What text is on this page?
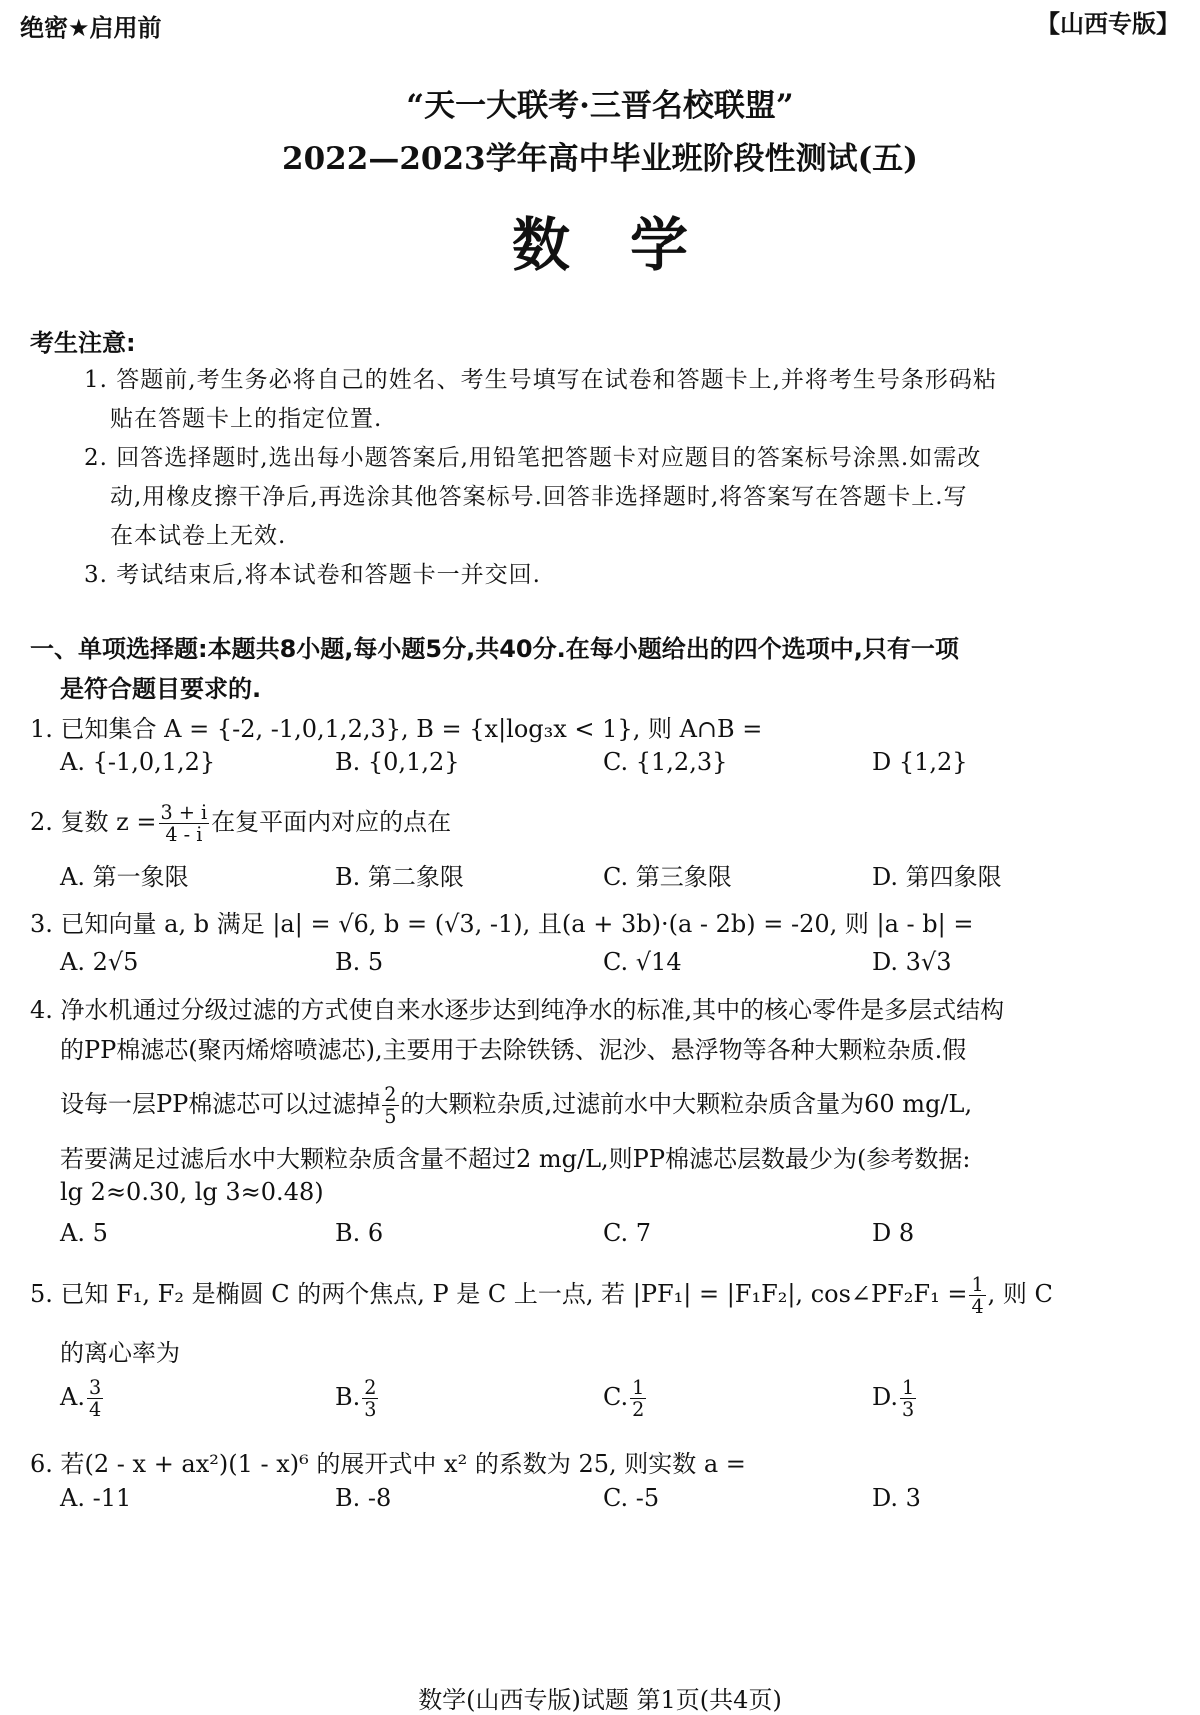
绝密★启用前	【山西专版】
“天一大联考·三晋名校联盟”
2022—2023学年高中毕业班阶段性测试(五)
数学
考生注意:
1. 答题前,考生务必将自己的姓名、考生号填写在试卷和答题卡上,并将考生号条形码粘
贴在答题卡上的指定位置.
2. 回答选择题时,选出每小题答案后,用铅笔把答题卡对应题目的答案标号涂黑.如需改
动,用橡皮擦干净后,再选涂其他答案标号.回答非选择题时,将答案写在答题卡上.写
在本试卷上无效.
3. 考试结束后,将本试卷和答题卡一并交回.
一、单项选择题:本题共8小题,每小题5分,共40分.在每小题给出的四个选项中,只有一项
是符合题目要求的.
1. 已知集合 A = {-2, -1,0,1,2,3}, B = {x|log₃x < 1}, 则 A∩B =
A. {-1,0,1,2}	B. {0,1,2}	C. {1,2,3}	D {1,2}
2. 复数 $z = \frac{3 + i}{4 - i}$ 在复平面内对应的点在
A. 第一象限	B. 第二象限	C. 第三象限	D. 第四象限
3. 已知向量 a, b 满足 |a| = √6, b = (√3, -1), 且(a + 3b)·(a - 2b) = -20, 则 |a - b| =
A. 2√5	B. 5	C. √14	D. 3√3
4. 净水机通过分级过滤的方式使自来水逐步达到纯净水的标准,其中的核心零件是多层式结构
的PP棉滤芯(聚丙烯熔喷滤芯),主要用于去除铁锈、泥沙、悬浮物等各种大颗粒杂质.假
设每一层PP棉滤芯可以过滤掉 $\frac{2}{5}$ 的大颗粒杂质,过滤前水中大颗粒杂质含量为60 mg/L,
若要满足过滤后水中大颗粒杂质含量不超过2 mg/L,则PP棉滤芯层数最少为(参考数据:
lg 2≈0.30, lg 3≈0.48)
A. 5	B. 6	C. 7	D 8
5. 已知 F₁, F₂ 是椭圆 C 的两个焦点, P 是 C 上一点, 若 |PF₁| = |F₁F₂|, cos∠PF₂F₁ = $\frac{1}{4}$ , 则 C
的离心率为
A. $\frac{3}{4}$	B. $\frac{2}{3}$	C. $\frac{1}{2}$	D. $\frac{1}{3}$
6. 若(2 - x + ax²)(1 - x)⁶ 的展开式中 x² 的系数为 25, 则实数 a =
A. -11	B. -8	C. -5	D. 3
数学(山西专版)试题 第1页(共4页)
